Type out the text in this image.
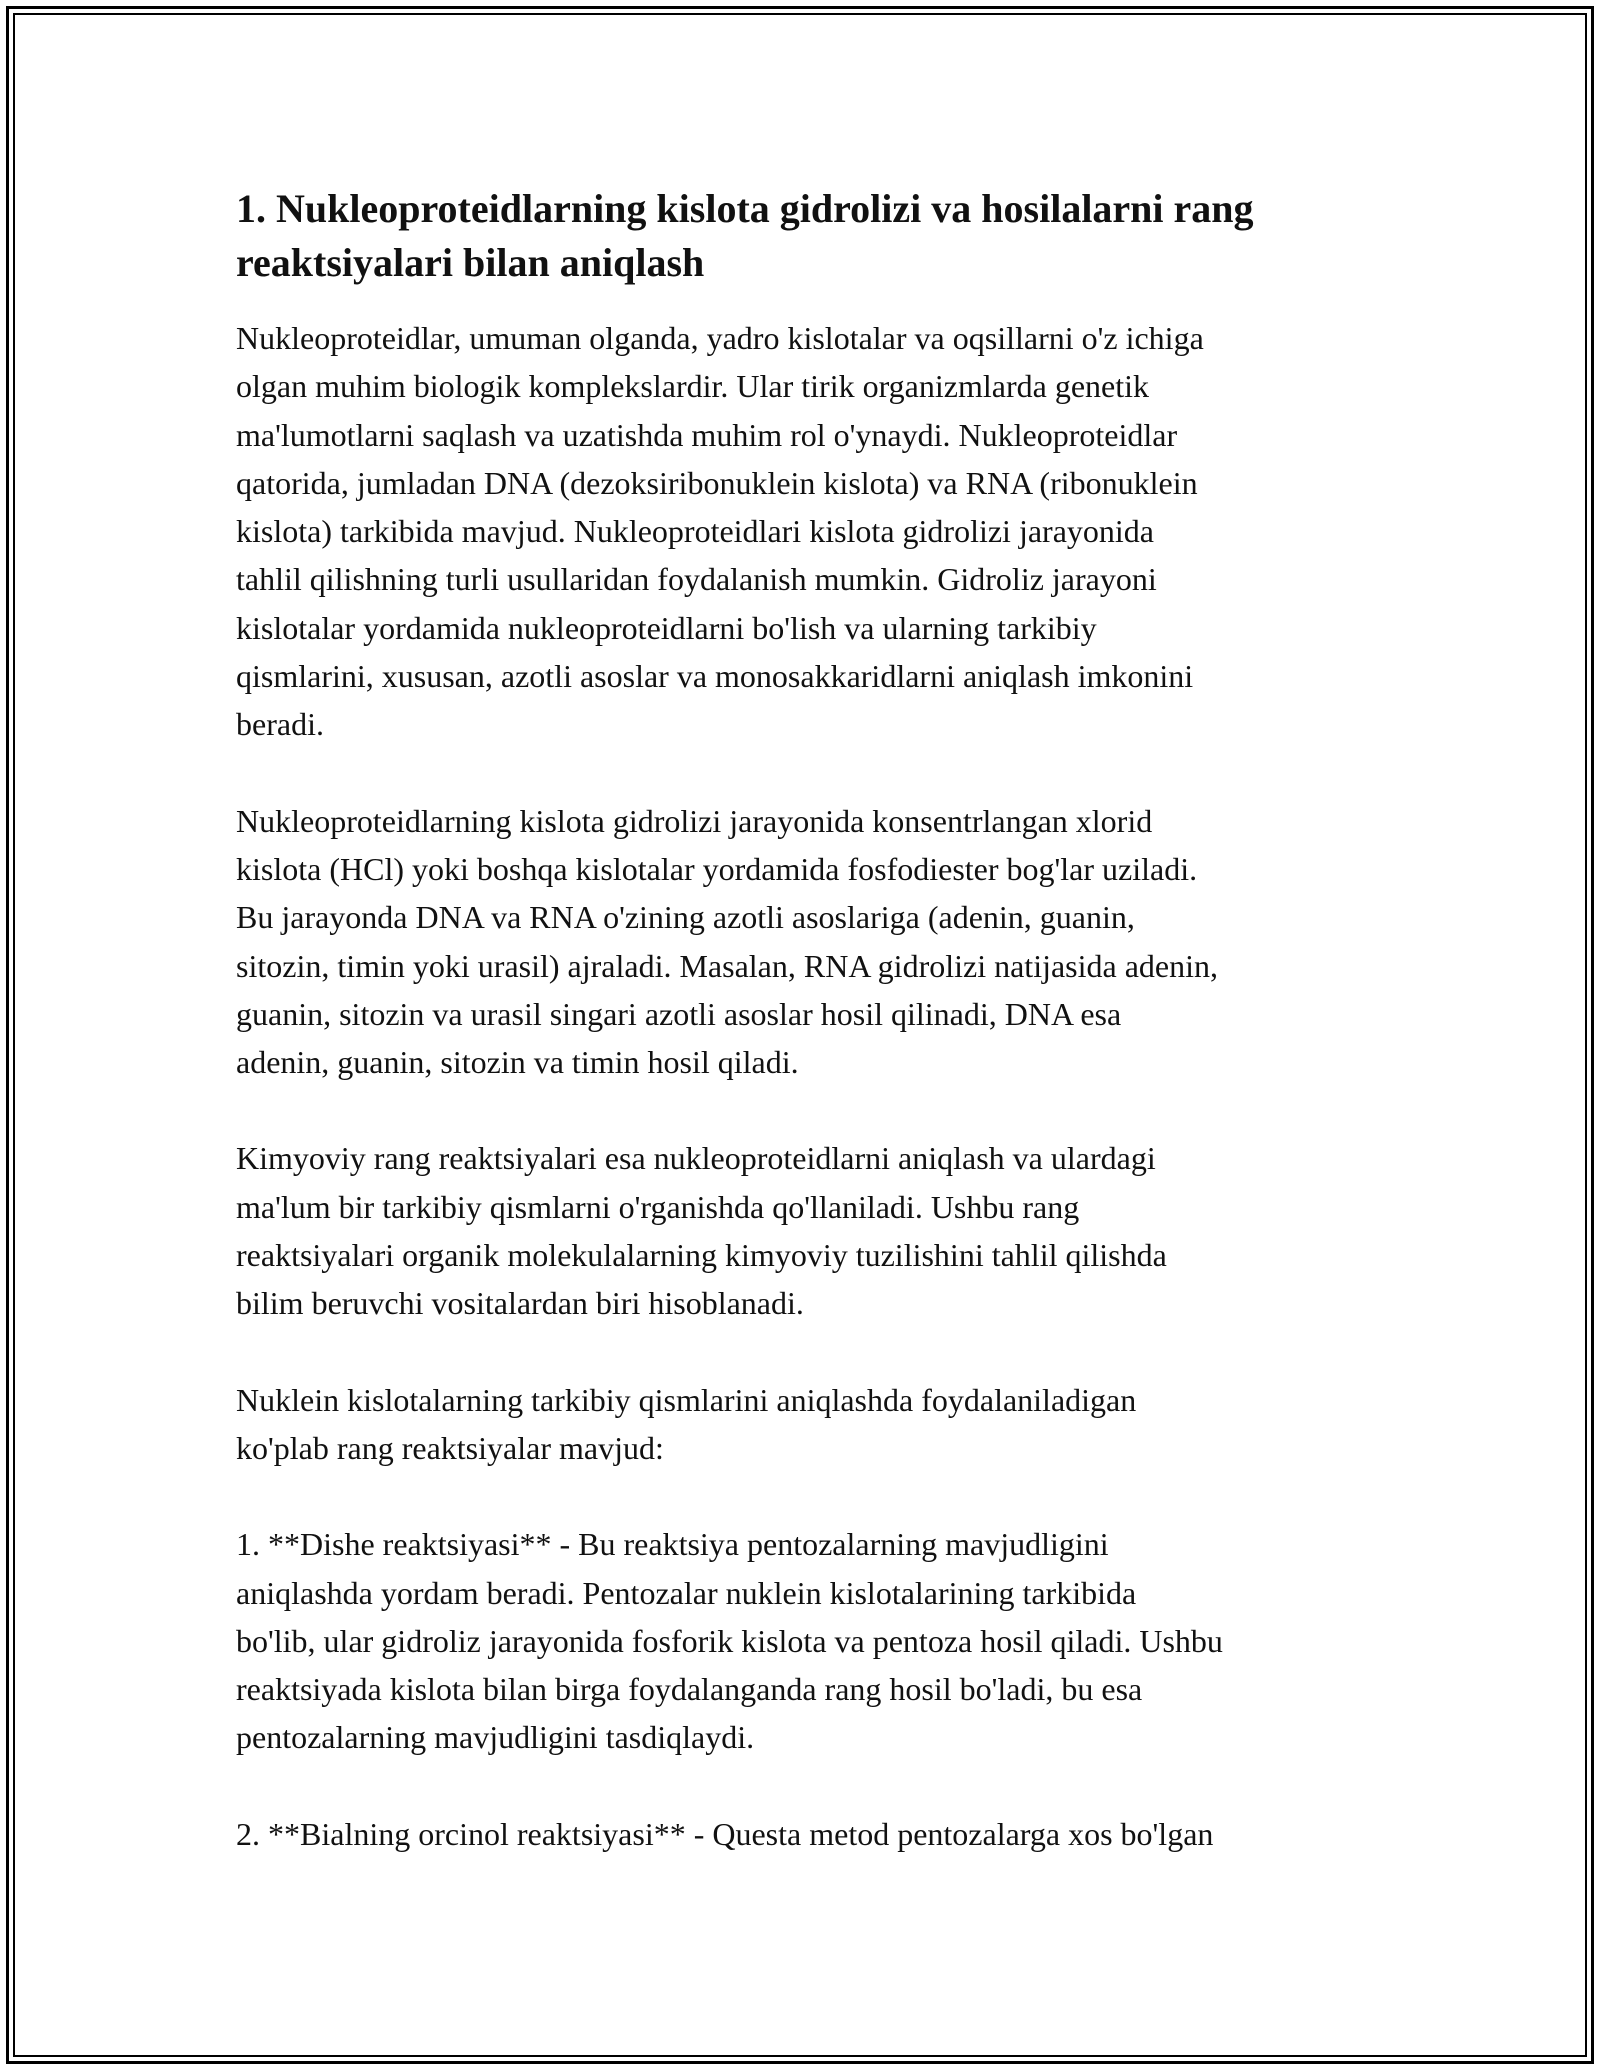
1. Nukleoproteidlarning kislota gidrolizi va hosilalarni rang reaktsiyalari bilan aniqlash

Nukleoproteidlar, umuman olganda, yadro kislotalar va oqsillarni o'z ichiga
olgan muhim biologik komplekslardir. Ular tirik organizmlarda genetik
ma'lumotlarni saqlash va uzatishda muhim rol o'ynaydi. Nukleoproteidlar
qatorida, jumladan DNA (dezoksiribonuklein kislota) va RNA (ribonuklein
kislota) tarkibida mavjud. Nukleoproteidlari kislota gidrolizi jarayonida
tahlil qilishning turli usullaridan foydalanish mumkin. Gidroliz jarayoni
kislotalar yordamida nukleoproteidlarni bo'lish va ularning tarkibiy
qismlarini, xususan, azotli asoslar va monosakkaridlarni aniqlash imkonini
beradi.

Nukleoproteidlarning kislota gidrolizi jarayonida konsentrlangan xlorid
kislota (HCl) yoki boshqa kislotalar yordamida fosfodiester bog'lar uziladi.
Bu jarayonda DNA va RNA o'zining azotli asoslariga (adenin, guanin,
sitozin, timin yoki urasil) ajraladi. Masalan, RNA gidrolizi natijasida adenin,
guanin, sitozin va urasil singari azotli asoslar hosil qilinadi, DNA esa
adenin, guanin, sitozin va timin hosil qiladi.

Kimyoviy rang reaktsiyalari esa nukleoproteidlarni aniqlash va ulardagi
ma'lum bir tarkibiy qismlarni o'rganishda qo'llaniladi. Ushbu rang
reaktsiyalari organik molekulalarning kimyoviy tuzilishini tahlil qilishda
bilim beruvchi vositalardan biri hisoblanadi.

Nuklein kislotalarning tarkibiy qismlarini aniqlashda foydalaniladigan
ko'plab rang reaktsiyalar mavjud:

1. **Dishe reaktsiyasi** - Bu reaktsiya pentozalarning mavjudligini
aniqlashda yordam beradi. Pentozalar nuklein kislotalarining tarkibida
bo'lib, ular gidroliz jarayonida fosforik kislota va pentoza hosil qiladi. Ushbu
reaktsiyada kislota bilan birga foydalanganda rang hosil bo'ladi, bu esa
pentozalarning mavjudligini tasdiqlaydi.

2. **Bialning orcinol reaktsiyasi** - Questa metod pentozalarga xos bo'lgan
